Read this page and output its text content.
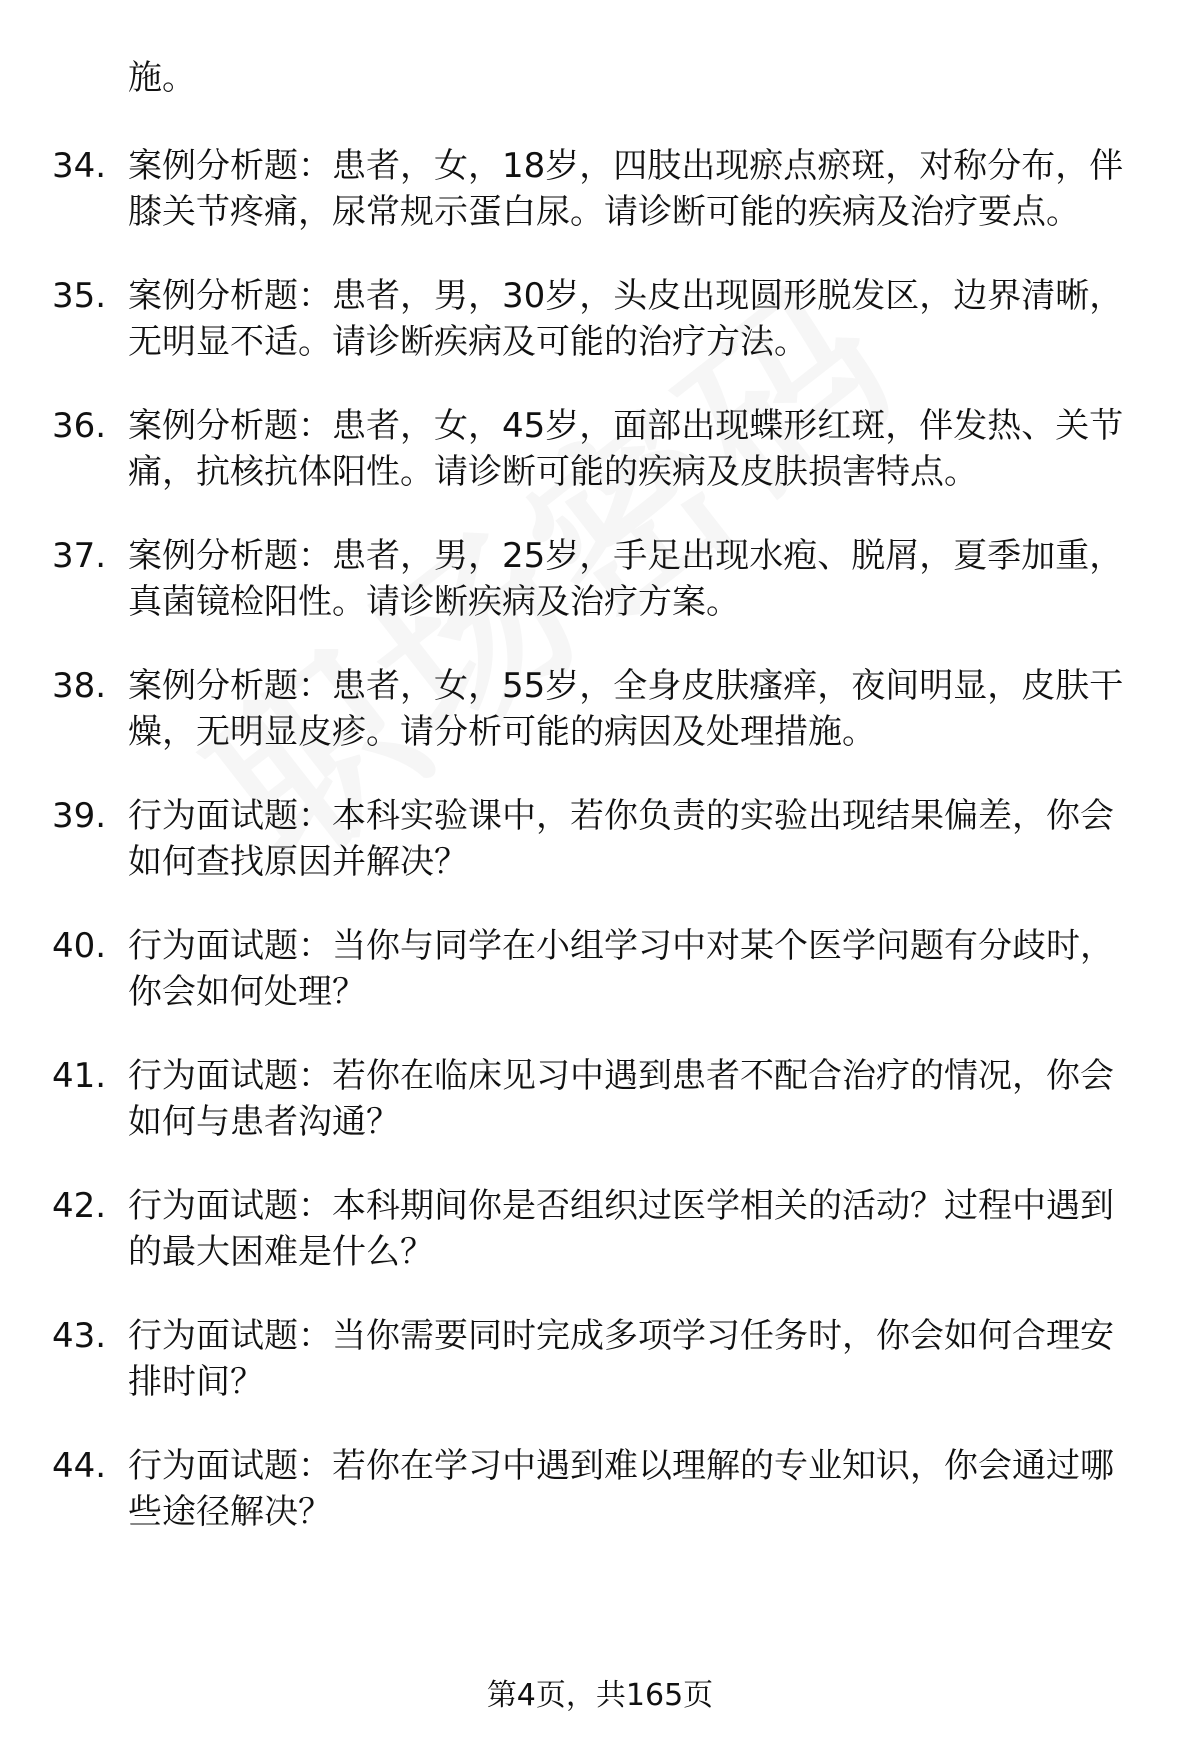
施。
34. 案例分析题：患者，女，18岁，四肢出现瘀点瘀斑，对称分布，伴膝关节疼痛，尿常规示蛋白尿。请诊断可能的疾病及治疗要点。
35. 案例分析题：患者，男，30岁，头皮出现圆形脱发区，边界清晰，无明显不适。请诊断疾病及可能的治疗方法。
36. 案例分析题：患者，女，45岁，面部出现蝶形红斑，伴发热、关节痛，抗核抗体阳性。请诊断可能的疾病及皮肤损害特点。
37. 案例分析题：患者，男，25岁，手足出现水疱、脱屑，夏季加重，真菌镜检阳性。请诊断疾病及治疗方案。
38. 案例分析题：患者，女，55岁，全身皮肤瘙痒，夜间明显，皮肤干燥，无明显皮疹。请分析可能的病因及处理措施。
39. 行为面试题：本科实验课中，若你负责的实验出现结果偏差，你会如何查找原因并解决？
40. 行为面试题：当你与同学在小组学习中对某个医学问题有分歧时，你会如何处理？
41. 行为面试题：若你在临床见习中遇到患者不配合治疗的情况，你会如何与患者沟通？
42. 行为面试题：本科期间你是否组织过医学相关的活动？过程中遇到的最大困难是什么？
43. 行为面试题：当你需要同时完成多项学习任务时，你会如何合理安排时间？
44. 行为面试题：若你在学习中遇到难以理解的专业知识，你会通过哪些途径解决？
第4页，共165页
